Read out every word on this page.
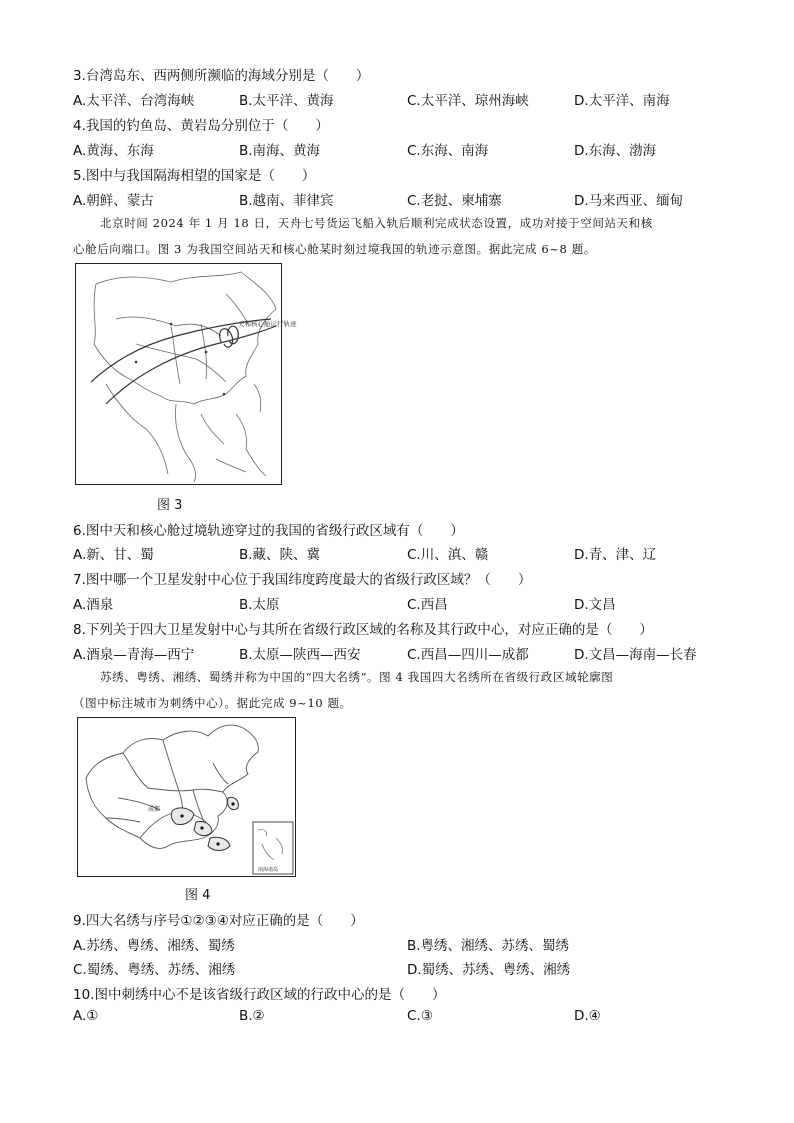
3.台湾岛东、西两侧所濒临的海域分别是（　　）
A.太平洋、台湾海峡	B.太平洋、黄海	C.太平洋、琼州海峡	D.太平洋、南海
4.我国的钓鱼岛、黄岩岛分别位于（　　）
A.黄海、东海	B.南海、黄海	C.东海、南海	D.东海、渤海
5.图中与我国隔海相望的国家是（　　）
A.朝鲜、蒙古	B.越南、菲律宾	C.老挝、柬埔寨	D.马来西亚、缅甸
北京时间 2024 年 1 月 18 日，天舟七号货运飞船入轨后顺利完成状态设置，成功对接于空间站天和核
心舱后向端口。图 3 为我国空间站天和核心舱某时刻过境我国的轨迹示意图。据此完成 6~8 题。
天和核心舱运行轨迹
图 3
6.图中天和核心舱过境轨迹穿过的我国的省级行政区域有（　　）
A.新、甘、蜀	B.藏、陕、冀	C.川、滇、赣	D.青、津、辽
7.图中哪一个卫星发射中心位于我国纬度跨度最大的省级行政区域？（　　）
A.酒泉	B.太原	C.西昌	D.文昌
8.下列关于四大卫星发射中心与其所在省级行政区域的名称及其行政中心，对应正确的是（　　）
A.酒泉—青海—西宁	B.太原—陕西—西安	C.西昌—四川—成都	D.文昌—海南—长春
苏绣、粤绣、湘绣、蜀绣并称为中国的“四大名绣”。图 4 我国四大名绣所在省级行政区域轮廓图
（图中标注城市为刺绣中心）。据此完成 9~10 题。
成都
南海诸岛
图 4
9.四大名绣与序号①②③④对应正确的是（　　）
A.苏绣、粤绣、湘绣、蜀绣	B.粤绣、湘绣、苏绣、蜀绣
C.蜀绣、粤绣、苏绣、湘绣	D.蜀绣、苏绣、粤绣、湘绣
10.图中刺绣中心不是该省级行政区域的行政中心的是（　　）
A.①	B.②	C.③	D.④
